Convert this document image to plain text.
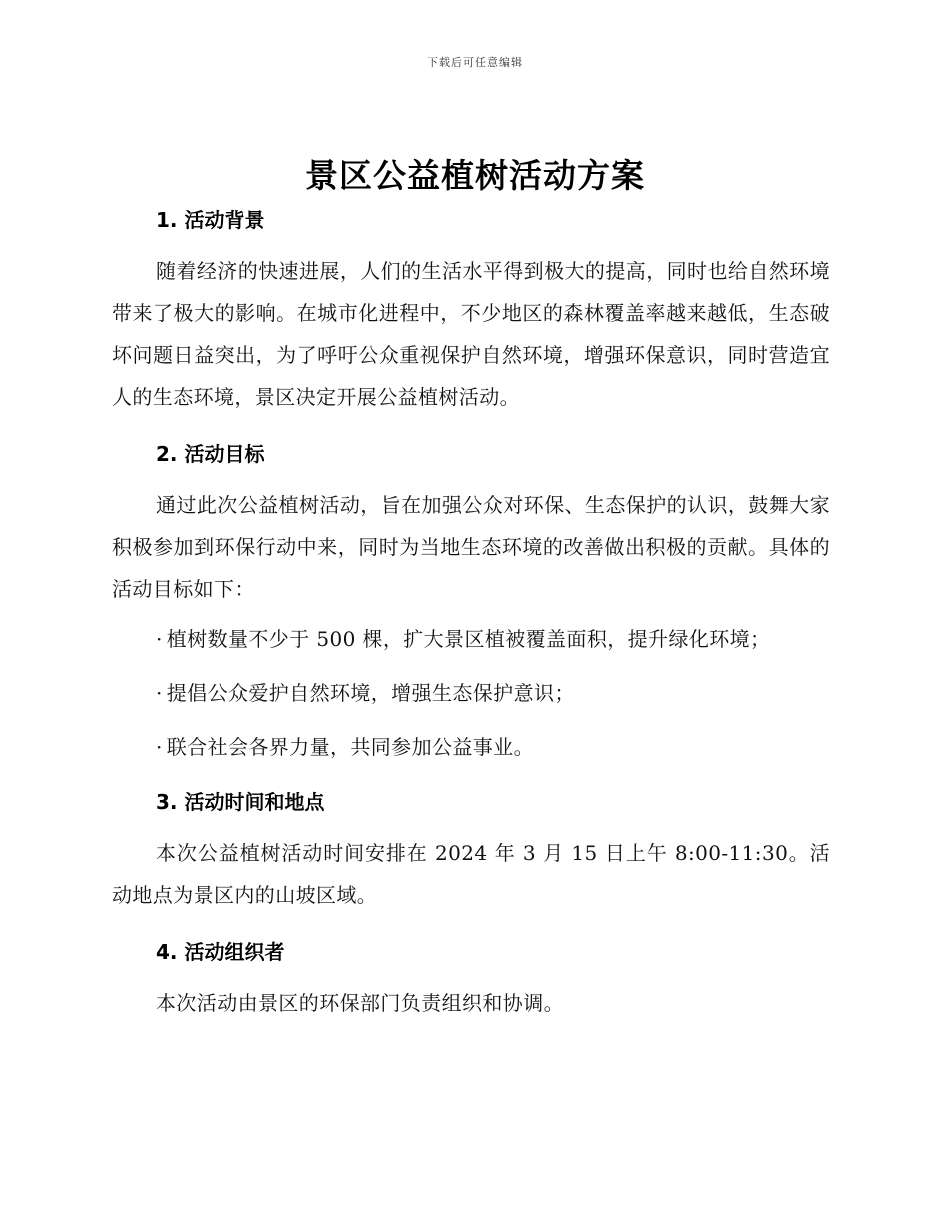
下载后可任意编辑
景区公益植树活动方案
1. 活动背景

随着经济的快速进展，人们的生活水平得到极大的提高，同时也给自然环境带来了极大的影响。在城市化进程中，不少地区的森林覆盖率越来越低，生态破坏问题日益突出，为了呼吁公众重视保护自然环境，增强环保意识，同时营造宜人的生态环境，景区决定开展公益植树活动。

2. 活动目标

通过此次公益植树活动，旨在加强公众对环保、生态保护的认识，鼓舞大家积极参加到环保行动中来，同时为当地生态环境的改善做出积极的贡献。具体的活动目标如下：

· 植树数量不少于 500 棵，扩大景区植被覆盖面积，提升绿化环境；
· 提倡公众爱护自然环境，增强生态保护意识；
· 联合社会各界力量，共同参加公益事业。
3. 活动时间和地点

本次公益植树活动时间安排在 2024 年 3 月 15 日上午 8:00-11:30。活动地点为景区内的山坡区域。

4. 活动组织者

本次活动由景区的环保部门负责组织和协调。
